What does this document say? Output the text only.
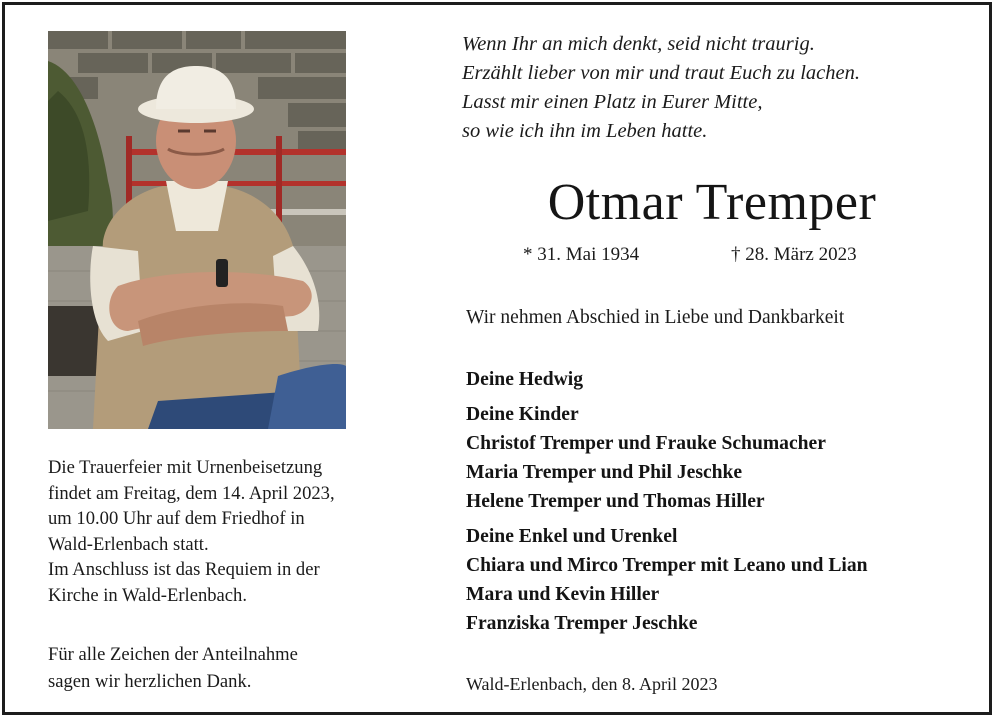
Die Trauerfeier mit Urnenbeisetzung

findet am Freitag, dem 14. April 2023,

um 10.00 Uhr auf dem Friedhof in

Wald-Erlenbach statt.

Im Anschluss ist das Requiem in der

Kirche in Wald-Erlenbach.

Für alle Zeichen der Anteilnahme

sagen wir herzlichen Dank.

Wenn Ihr an mich denkt, seid nicht traurig.
Erzählt lieber von mir und traut Euch zu lachen.
Lasst mir einen Platz in Eurer Mitte,
so wie ich ihn im Leben hatte.
Otmar Tremper
* 31. Mai 1934	† 28. März 2023
Wir nehmen Abschied in Liebe und Dankbarkeit
Deine Hedwig
Deine Kinder
Christof Tremper und Frauke Schumacher
Maria Tremper und Phil Jeschke
Helene Tremper und Thomas Hiller
Deine Enkel und Urenkel
Chiara und Mirco Tremper mit Leano und Lian
Mara und Kevin Hiller
Franziska Tremper Jeschke
Wald-Erlenbach, den 8. April 2023
